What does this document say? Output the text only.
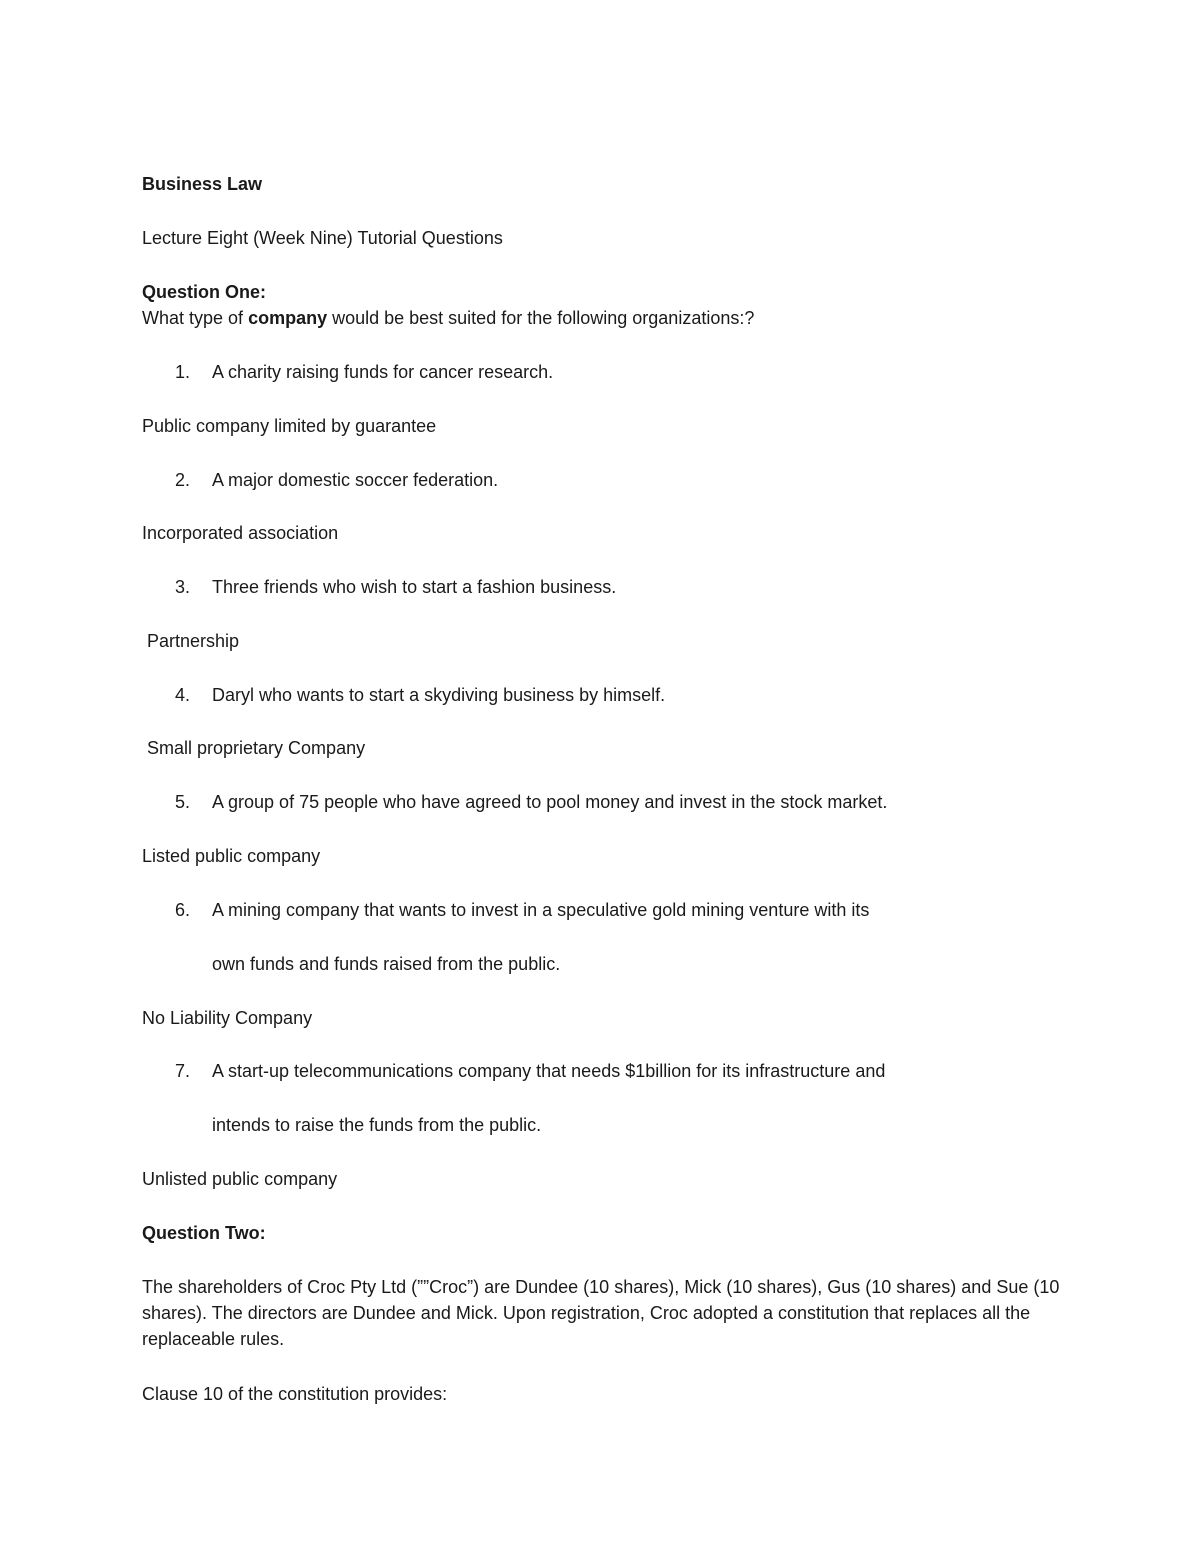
Business Law
Lecture Eight (Week Nine) Tutorial Questions
Question One:
What type of company would be best suited for the following organizations:?
1. A charity raising funds for cancer research.
Public company limited by guarantee
2. A major domestic soccer federation.
Incorporated association
3. Three friends who wish to start a fashion business.
Partnership
4. Daryl who wants to start a skydiving business by himself.
Small proprietary Company
5. A group of 75 people who have agreed to pool money and invest in the stock market.
Listed public company
6. A mining company that wants to invest in a speculative gold mining venture with its
own funds and funds raised from the public.
No Liability Company
7. A start-up telecommunications company that needs $1billion for its infrastructure and
intends to raise the funds from the public.
Unlisted public company
Question Two:
The shareholders of Croc Pty Ltd (””Croc”) are Dundee (10 shares), Mick (10 shares), Gus (10 shares) and Sue (10 shares). The directors are Dundee and Mick. Upon registration, Croc adopted a constitution that replaces all the replaceable rules.
Clause 10 of the constitution provides:
